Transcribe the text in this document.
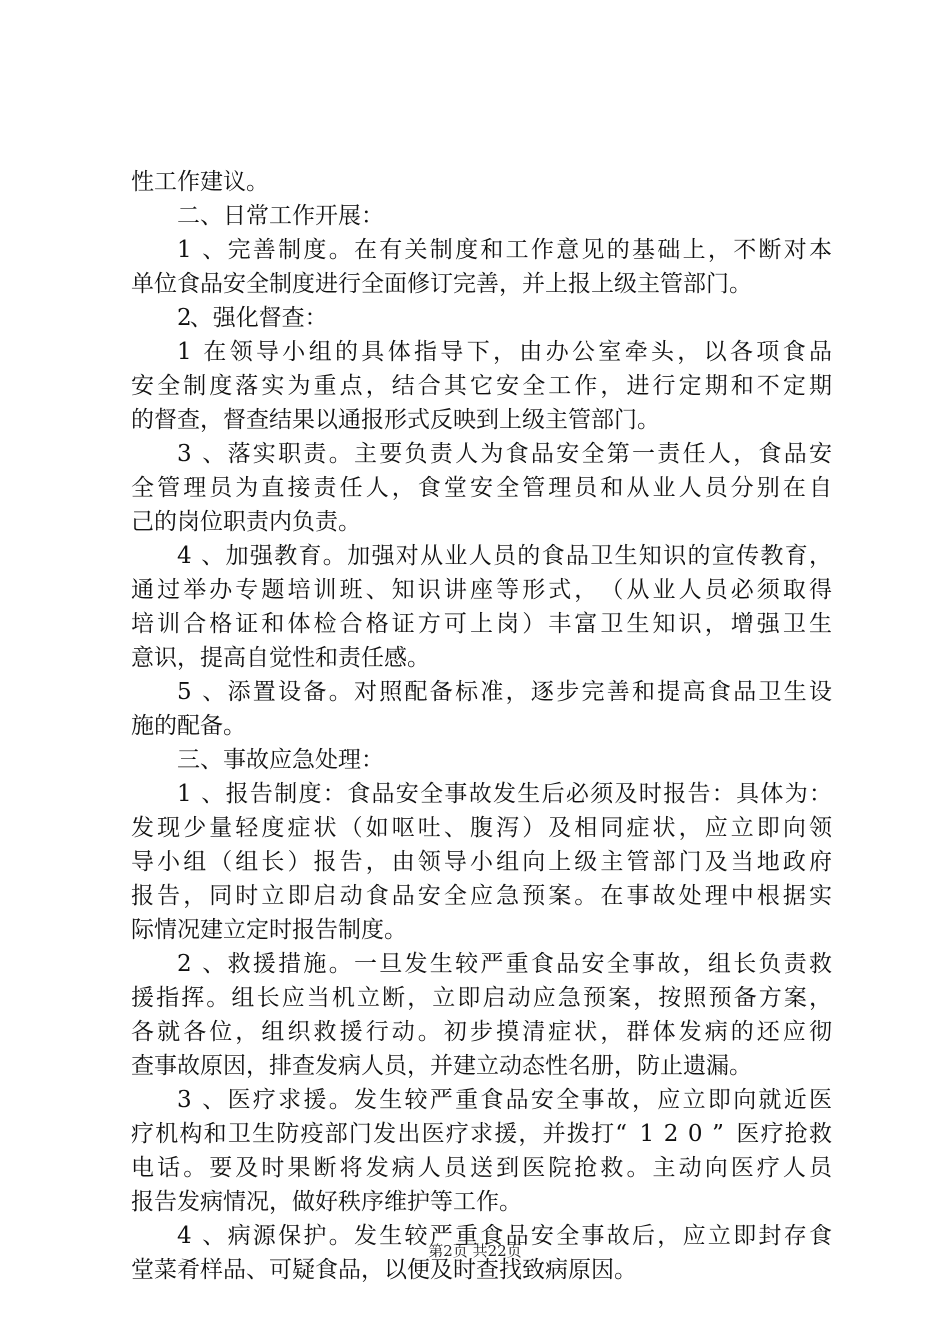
性 工 作 建 议 。
二 、 日 常 工 作 开 展 ：
1 、 完 善 制 度 。 在 有 关 制 度 和 工 作 意 见 的 基 础 上 ， 不 断 对 本
单 位 食 品 安 全 制 度 进 行 全 面 修 订 完 善 ， 并 上 报 上 级 主 管 部 门 。
2
、 强 化 督 查 ：
1 在 领 导 小 组 的 具 体 指 导 下 ， 由 办 公 室 牵 头 ， 以 各 项 食 品
安 全 制 度 落 实 为 重 点 ， 结 合 其 它 安 全 工 作 ， 进 行 定 期 和 不 定 期
的 督 查 ， 督 查 结 果 以 通 报 形 式 反 映 到 上 级 主 管 部 门 。
3 、 落 实 职 责 。 主 要 负 责 人 为 食 品 安 全 第 一 责 任 人 ， 食 品 安
全 管 理 员 为 直 接 责 任 人 ， 食 堂 安 全 管 理 员 和 从 业 人 员 分 别 在 自
己 的 岗 位 职 责 内 负 责 。
4 、 加 强 教 育 。 加 强 对 从 业 人 员 的 食 品 卫 生 知 识 的 宣 传 教 育 ，
通 过 举 办 专 题 培 训 班 、 知 识 讲 座 等 形 式 ， （ 从 业 人 员 必 须 取 得
培 训 合 格 证 和 体 检 合 格 证 方 可 上 岗 ） 丰 富 卫 生 知 识 ， 增 强 卫 生
意 识 ， 提 高 自 觉 性 和 责 任 感 。
5 、 添 置 设 备 。 对 照 配 备 标 准 ， 逐 步 完 善 和 提 高 食 品 卫 生 设
施 的 配 备 。
三 、 事 故 应 急 处 理 ：
1 、 报 告 制 度 ： 食 品 安 全 事 故 发 生 后 必 须 及 时 报 告 ： 具 体 为 ：
发 现 少 量 轻 度 症 状 （ 如 呕 吐 、 腹 泻 ） 及 相 同 症 状 ， 应 立 即 向 领
导 小 组 （ 组 长 ） 报 告 ， 由 领 导 小 组 向 上 级 主 管 部 门 及 当 地 政 府
报 告 ， 同 时 立 即 启 动 食 品 安 全 应 急 预 案 。 在 事 故 处 理 中 根 据 实
际 情 况 建 立 定 时 报 告 制 度 。
2 、 救 援 措 施 。 一 旦 发 生 较 严 重 食 品 安 全 事 故 ， 组 长 负 责 救
援 指 挥 。 组 长 应 当 机 立 断 ， 立 即 启 动 应 急 预 案 ， 按 照 预 备 方 案 ，
各 就 各 位 ， 组 织 救 援 行 动 。 初 步 摸 清 症 状 ， 群 体 发 病 的 还 应 彻
查 事 故 原 因 ， 排 查 发 病 人 员 ， 并 建 立 动 态 性 名 册 ， 防 止 遗 漏 。
3 、 医 疗 求 援 。 发 生 较 严 重 食 品 安 全 事 故 ， 应 立 即 向 就 近 医
疗 机 构 和 卫 生 防 疫 部 门 发 出 医 疗 求 援 ， 并 拨 打 “ 1 2 0 ” 医 疗 抢 救
电 话 。 要 及 时 果 断 将 发 病 人 员 送 到 医 院 抢 救 。 主 动 向 医 疗 人 员
报 告 发 病 情 况 ， 做 好 秩 序 维 护 等 工 作 。
4 、 病 源 保 护 。 发 生 较 严 重 食 品 安 全 事 故 后 ， 应 立 即 封 存 食
堂 菜 肴 样 品 、 可 疑 食 品 ， 以 便 及 时 查 找 致 病 原 因 。
第2页 共22页
